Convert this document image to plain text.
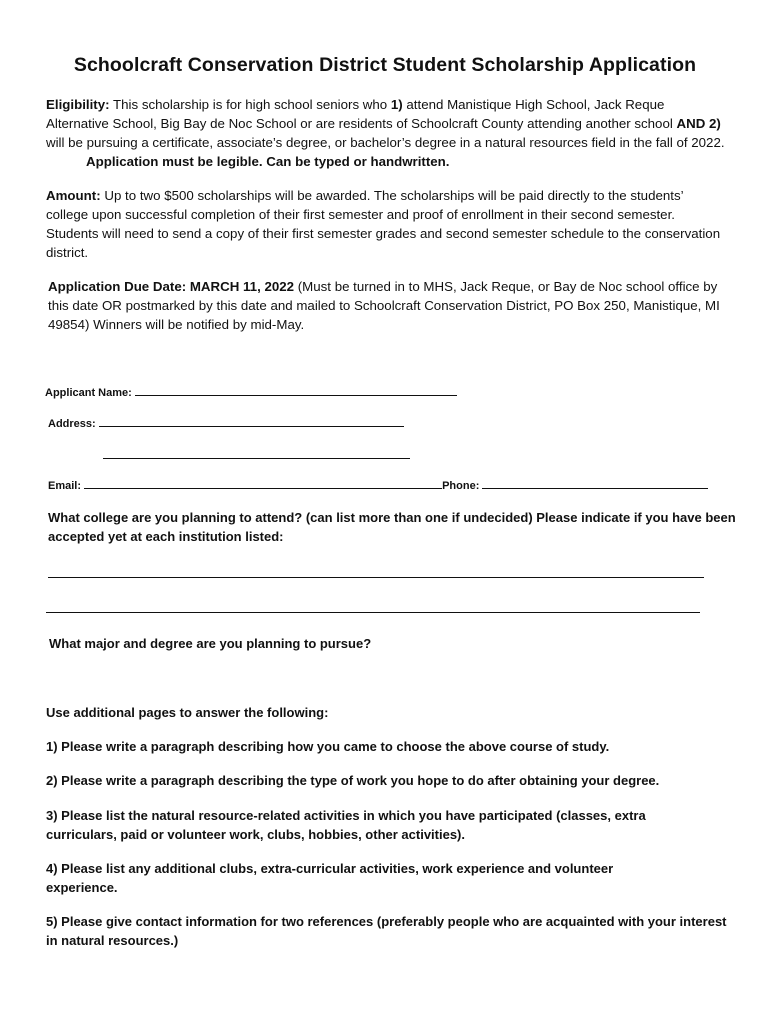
Schoolcraft Conservation District Student Scholarship Application
Eligibility: This scholarship is for high school seniors who 1) attend Manistique High School, Jack Reque Alternative School, Big Bay de Noc School or are residents of Schoolcraft County attending another school AND 2) will be pursuing a certificate, associate’s degree, or bachelor’s degree in a natural resources field in the fall of 2022.Application must be legible. Can be typed or handwritten.
Amount: Up to two $500 scholarships will be awarded. The scholarships will be paid directly to the students’ college upon successful completion of their first semester and proof of enrollment in their second semester. Students will need to send a copy of their first semester grades and second semester schedule to the conservation district.
Application Due Date: MARCH 11, 2022 (Must be turned in to MHS, Jack Reque, or Bay de Noc school office by this date OR postmarked by this date and mailed to Schoolcraft Conservation District, PO Box 250, Manistique, MI 49854) Winners will be notified by mid-May.
Applicant Name:
Address:
Email:	Phone:
What college are you planning to attend? (can list more than one if undecided) Please indicate if you have been accepted yet at each institution listed:
What major and degree are you planning to pursue?
Use additional pages to answer the following:
1) Please write a paragraph describing how you came to choose the above course of study.
2) Please write a paragraph describing the type of work you hope to do after obtaining your degree.
3) Please list the natural resource-related activities in which you have participated (classes, extra curriculars, paid or volunteer work, clubs, hobbies, other activities).
4) Please list any additional clubs, extra-curricular activities, work experience and volunteer experience.
5) Please give contact information for two references (preferably people who are acquainted with your interest in natural resources.)
